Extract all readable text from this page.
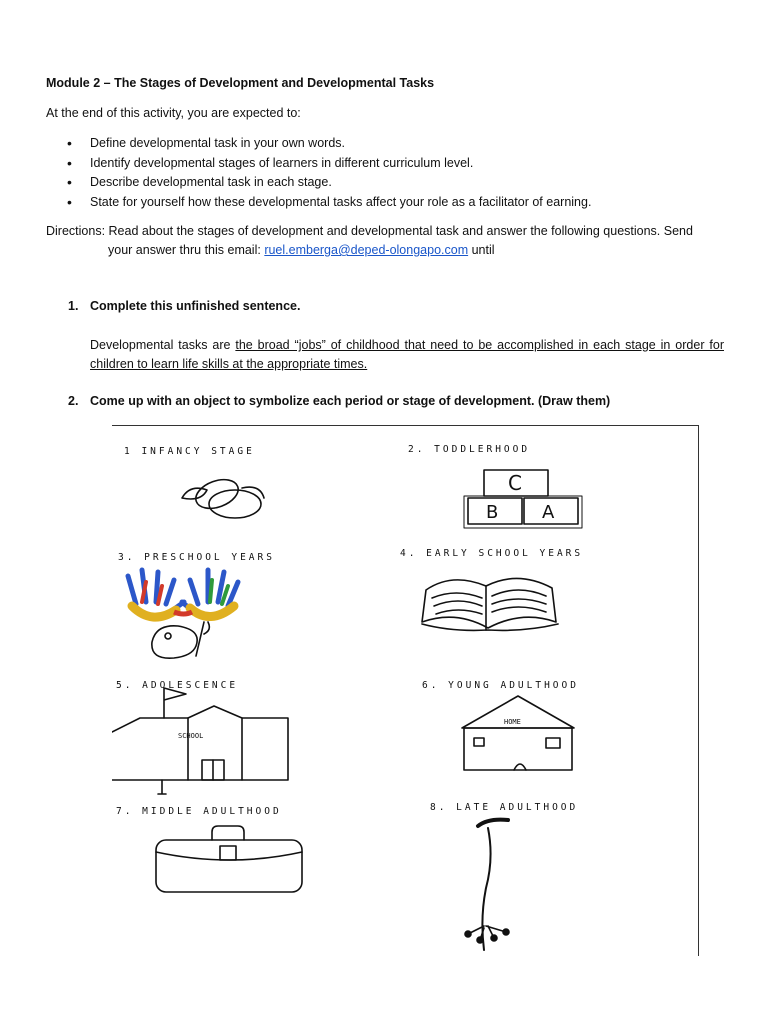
Module 2 – The Stages of Development and Developmental Tasks
At the end of this activity, you are expected to:
• Define developmental task in your own words.
• Identify developmental stages of learners in different curriculum level.
• Describe developmental task in each stage.
• State for yourself how these developmental tasks affect your role as a facilitator of earning.
Directions: Read about the stages of development and developmental task and answer the following questions. Send
your answer thru this email: ruel.emberga@deped-olongapo.com until
1. Complete this unfinished sentence.
Developmental tasks are the broad “jobs” of childhood that need to be accomplished in each stage in order for children to learn life skills at the appropriate times.
2. Come up with an object to symbolize each period or stage of development. (Draw them)
1 INFANCY STAGE	2. TODDLERHOOD
3. PRESCHOOL YEARS	4. EARLY SCHOOL YEARS
5. ADOLESCENCE	6. YOUNG ADULTHOOD
7. MIDDLE ADULTHOOD	8. LATE ADULTHOOD
C
B A
SCHOOL
HOME
